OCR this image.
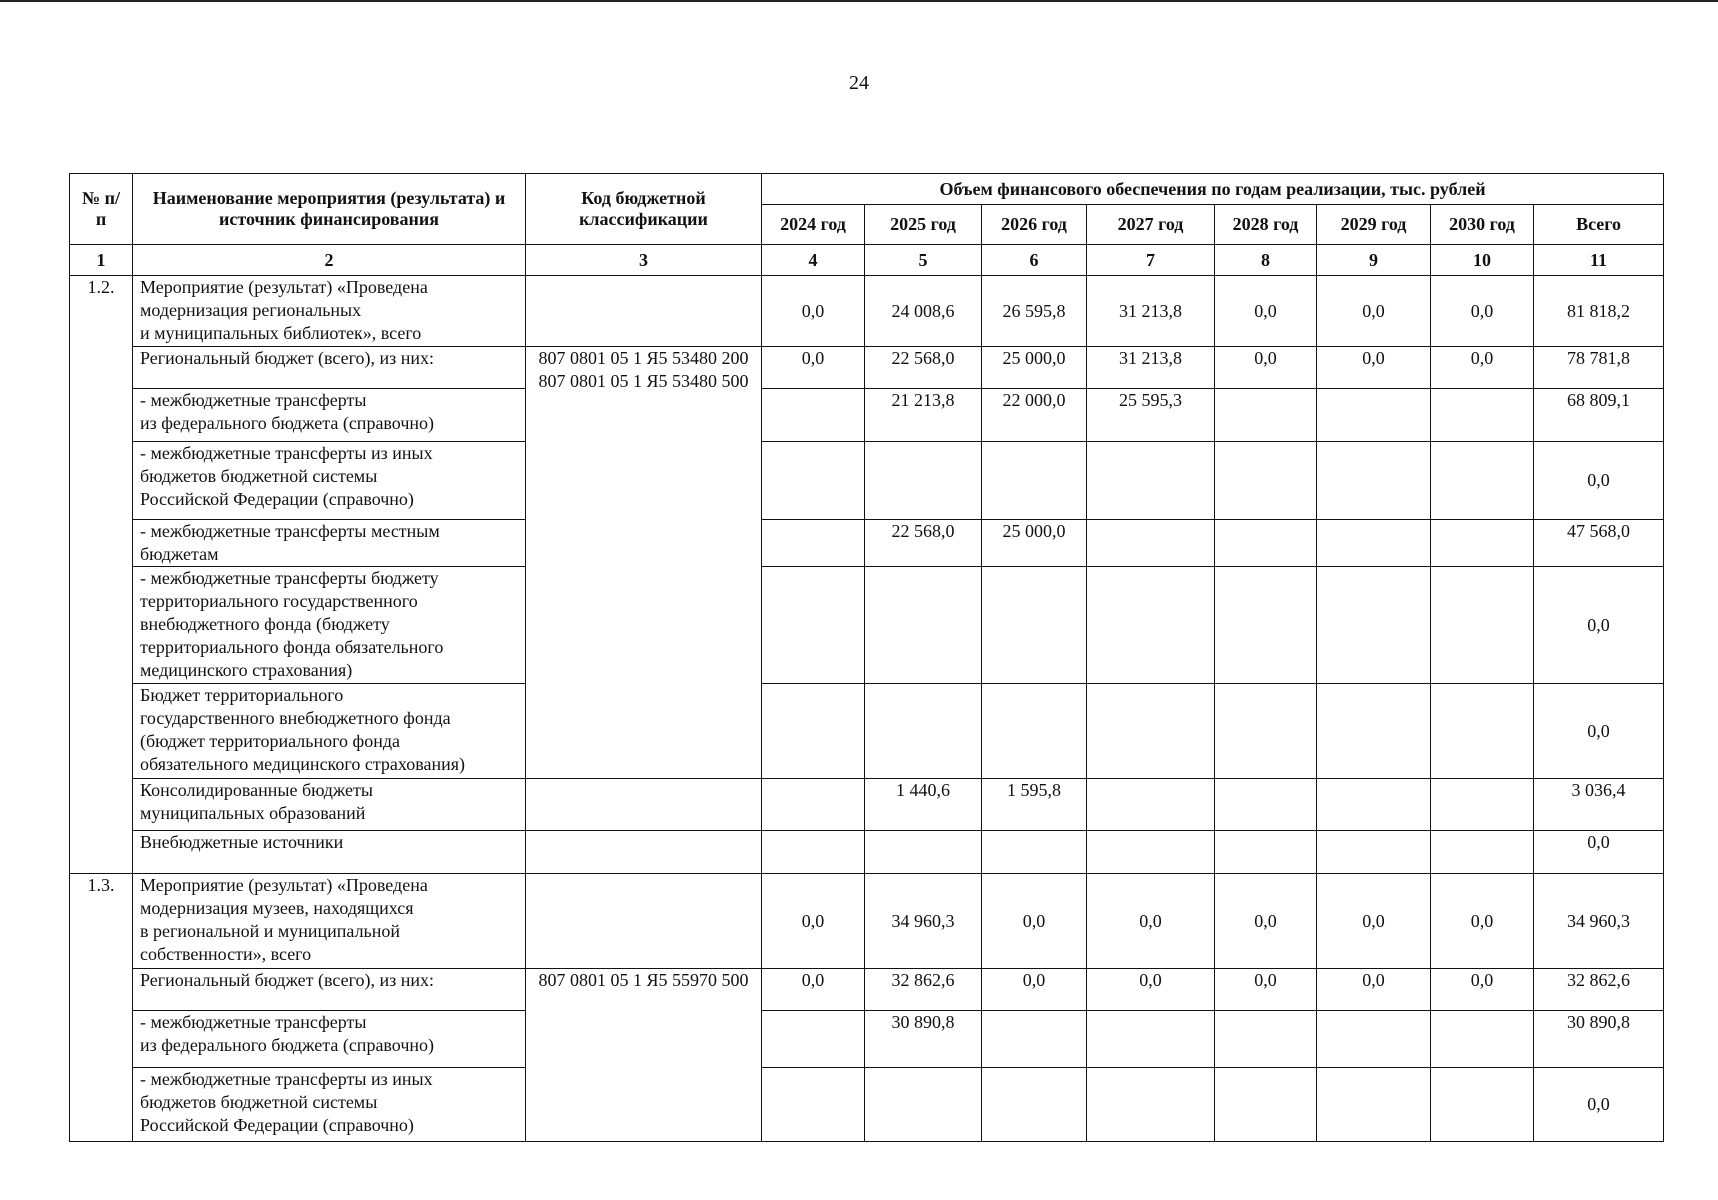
24
№ п/п	Наименование мероприятия (результата) и источник финансирования	Код бюджетной классификации	Объем финансового обеспечения по годам реализации, тыс. рублей							
			2024 год	2025 год	2026 год	2027 год	2028 год	2029 год	2030 год	Всего
1	2	3	4	5	6	7	8	9	10	11
1.2.	Мероприятие (результат) «Проведена
модернизация региональных
и муниципальных библиотек», всего		0,0	24 008,6	26 595,8	31 213,8	0,0	0,0	0,0	81 818,2

	Региональный бюджет (всего), из них:	807 0801 05 1 Я5 53480 200
807 0801 05 1 Я5 53480 500	0,0	22 568,0	25 000,0	31 213,8	0,0	0,0	0,0	78 781,8

	- межбюджетные трансферты
из федерального бюджета (справочно)			21 213,8	22 000,0	25 595,3				68 809,1

	- межбюджетные трансферты из иных
бюджетов бюджетной системы
Российской Федерации (справочно)									0,0

	- межбюджетные трансферты местным
бюджетам			22 568,0	25 000,0					47 568,0

	- межбюджетные трансферты бюджету
территориального государственного
внебюджетного фонда (бюджету
территориального фонда обязательного
медицинского страхования)									0,0

	Бюджет территориального
государственного внебюджетного фонда
(бюджет территориального фонда
обязательного медицинского страхования)									0,0

	Консолидированные бюджеты
муниципальных образований			1 440,6	1 595,8					3 036,4

	Внебюджетные источники									0,0
1.3.	Мероприятие (результат) «Проведена
модернизация музеев, находящихся
в региональной и муниципальной
собственности», всего		0,0	34 960,3	0,0	0,0	0,0	0,0	0,0	34 960,3

	Региональный бюджет (всего), из них:	807 0801 05 1 Я5 55970 500	0,0	32 862,6	0,0	0,0	0,0	0,0	0,0	32 862,6

	- межбюджетные трансферты
из федерального бюджета (справочно)			30 890,8						30 890,8

	- межбюджетные трансферты из иных
бюджетов бюджетной системы
Российской Федерации (справочно)									0,0
